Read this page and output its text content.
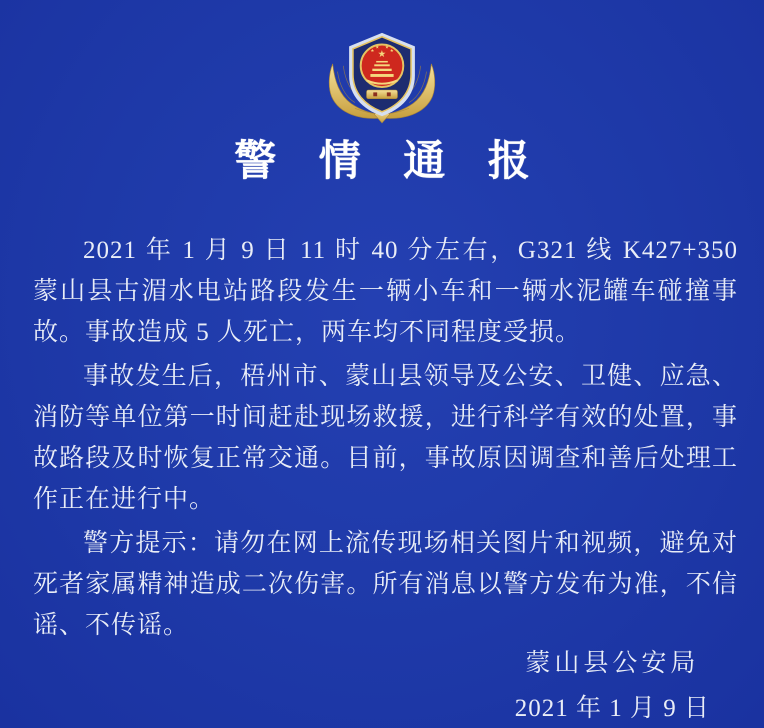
★
★
★ ★
★
警 情 通 报

2021 年 1 月 9 日 11 时 40 分左右，G321 线 K427+350 蒙山县古湄水电站路段发生一辆小车和一辆水泥罐车碰撞事故。事故造成 5 人死亡，两车均不同程度受损。

事故发生后，梧州市、蒙山县领导及公安、卫健、应急、消防等单位第一时间赶赴现场救援，进行科学有效的处置，事故路段及时恢复正常交通。目前，事故原因调查和善后处理工作正在进行中。

警方提示：请勿在网上流传现场相关图片和视频，避免对死者家属精神造成二次伤害。所有消息以警方发布为准，不信谣、不传谣。

蒙山县公安局
2021 年 1 月 9 日
